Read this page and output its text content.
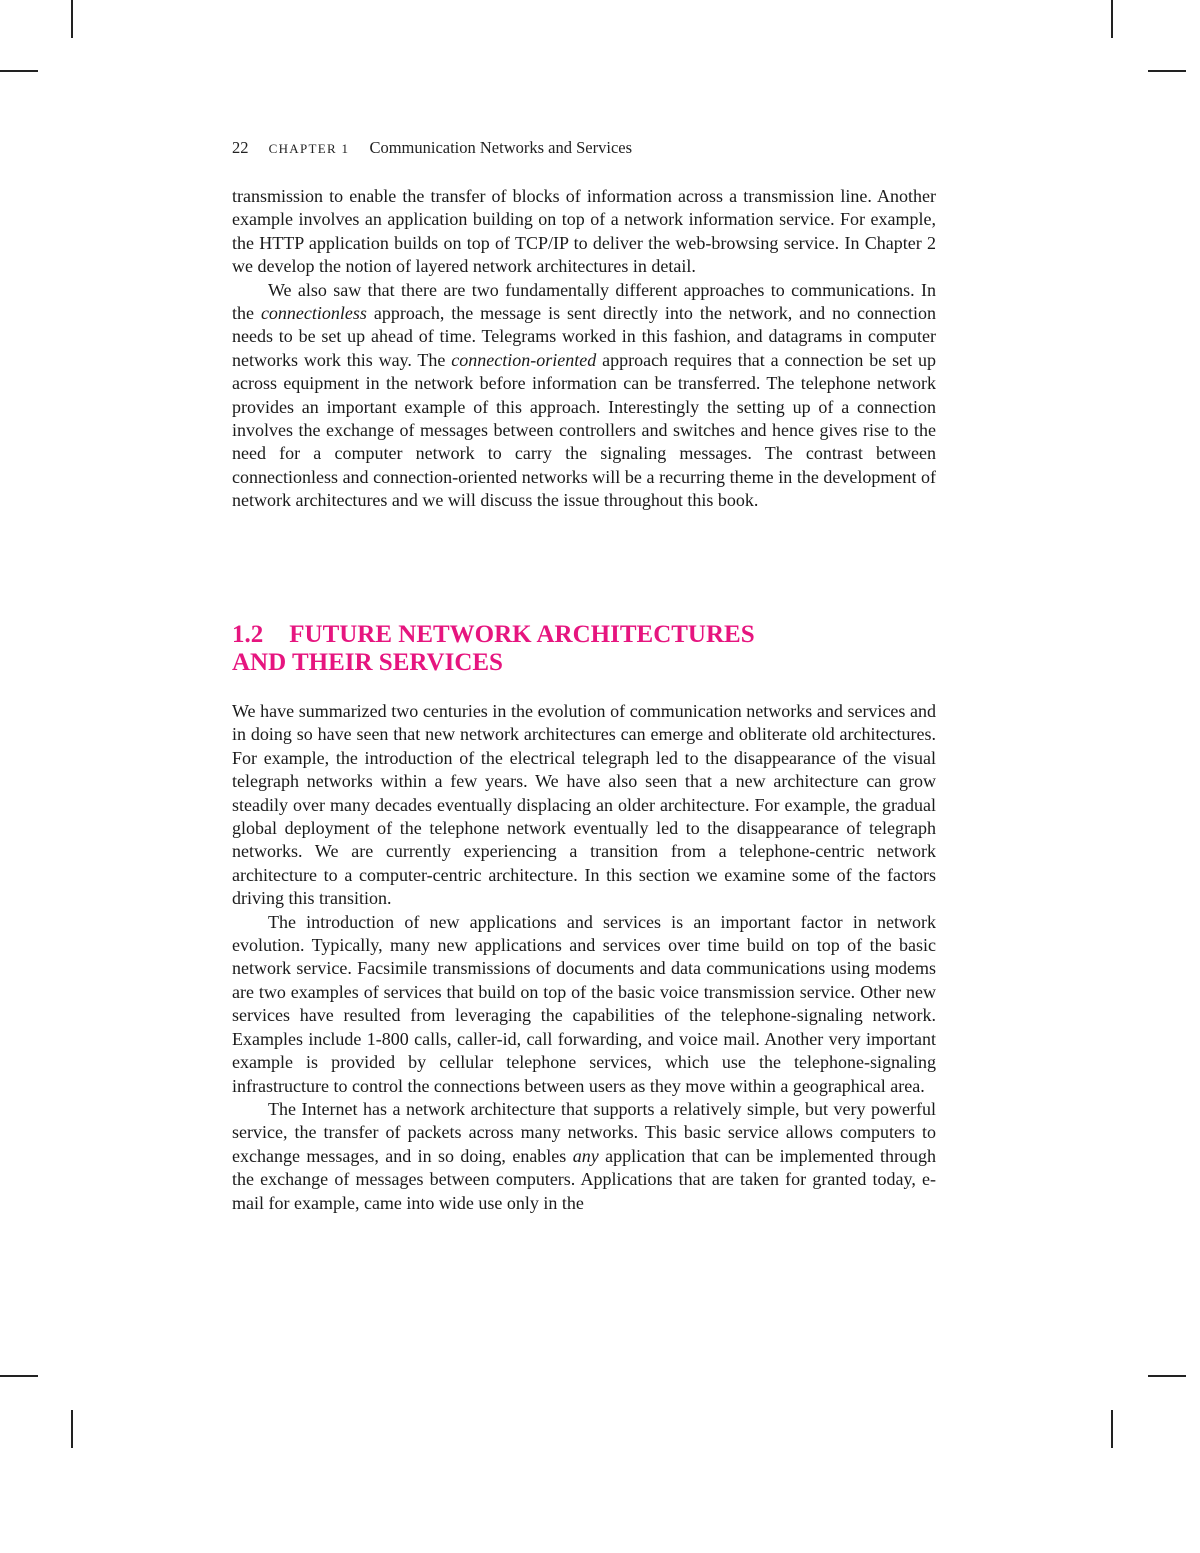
22 CHAPTER 1 Communication Networks and Services

transmission to enable the transfer of blocks of information across a transmission line. Another example involves an application building on top of a network information service. For example, the HTTP application builds on top of TCP/IP to deliver the web-browsing service. In Chapter 2 we develop the notion of layered network architectures in detail.

We also saw that there are two fundamentally different approaches to communications. In the connectionless approach, the message is sent directly into the network, and no connection needs to be set up ahead of time. Telegrams worked in this fashion, and datagrams in computer networks work this way. The connection-oriented approach requires that a connection be set up across equipment in the network before information can be transferred. The telephone network provides an important example of this approach. Interestingly the setting up of a connection involves the exchange of messages between controllers and switches and hence gives rise to the need for a computer network to carry the signaling messages. The contrast between connectionless and connection-oriented networks will be a recurring theme in the development of network architectures and we will discuss the issue throughout this book.

1.2 FUTURE NETWORK ARCHITECTURES
AND THEIR SERVICES

We have summarized two centuries in the evolution of communication networks and services and in doing so have seen that new network architectures can emerge and obliterate old architectures. For example, the introduction of the electrical telegraph led to the disappearance of the visual telegraph networks within a few years. We have also seen that a new architecture can grow steadily over many decades eventually displacing an older architecture. For example, the gradual global deployment of the telephone network eventually led to the disappearance of telegraph networks. We are currently experiencing a transition from a telephone-centric network architecture to a computer-centric architecture. In this section we examine some of the factors driving this transition.

The introduction of new applications and services is an important factor in network evolution. Typically, many new applications and services over time build on top of the basic network service. Facsimile transmissions of documents and data communications using modems are two examples of services that build on top of the basic voice transmission service. Other new services have resulted from leveraging the capabilities of the telephone-signaling network. Examples include 1-800 calls, caller-id, call forwarding, and voice mail. Another very important example is provided by cellular telephone services, which use the telephone-signaling infrastructure to control the connections between users as they move within a geographical area.

The Internet has a network architecture that supports a relatively simple, but very powerful service, the transfer of packets across many networks. This basic service allows computers to exchange messages, and in so doing, enables any application that can be implemented through the exchange of messages between computers. Applications that are taken for granted today, e-mail for example, came into wide use only in the
